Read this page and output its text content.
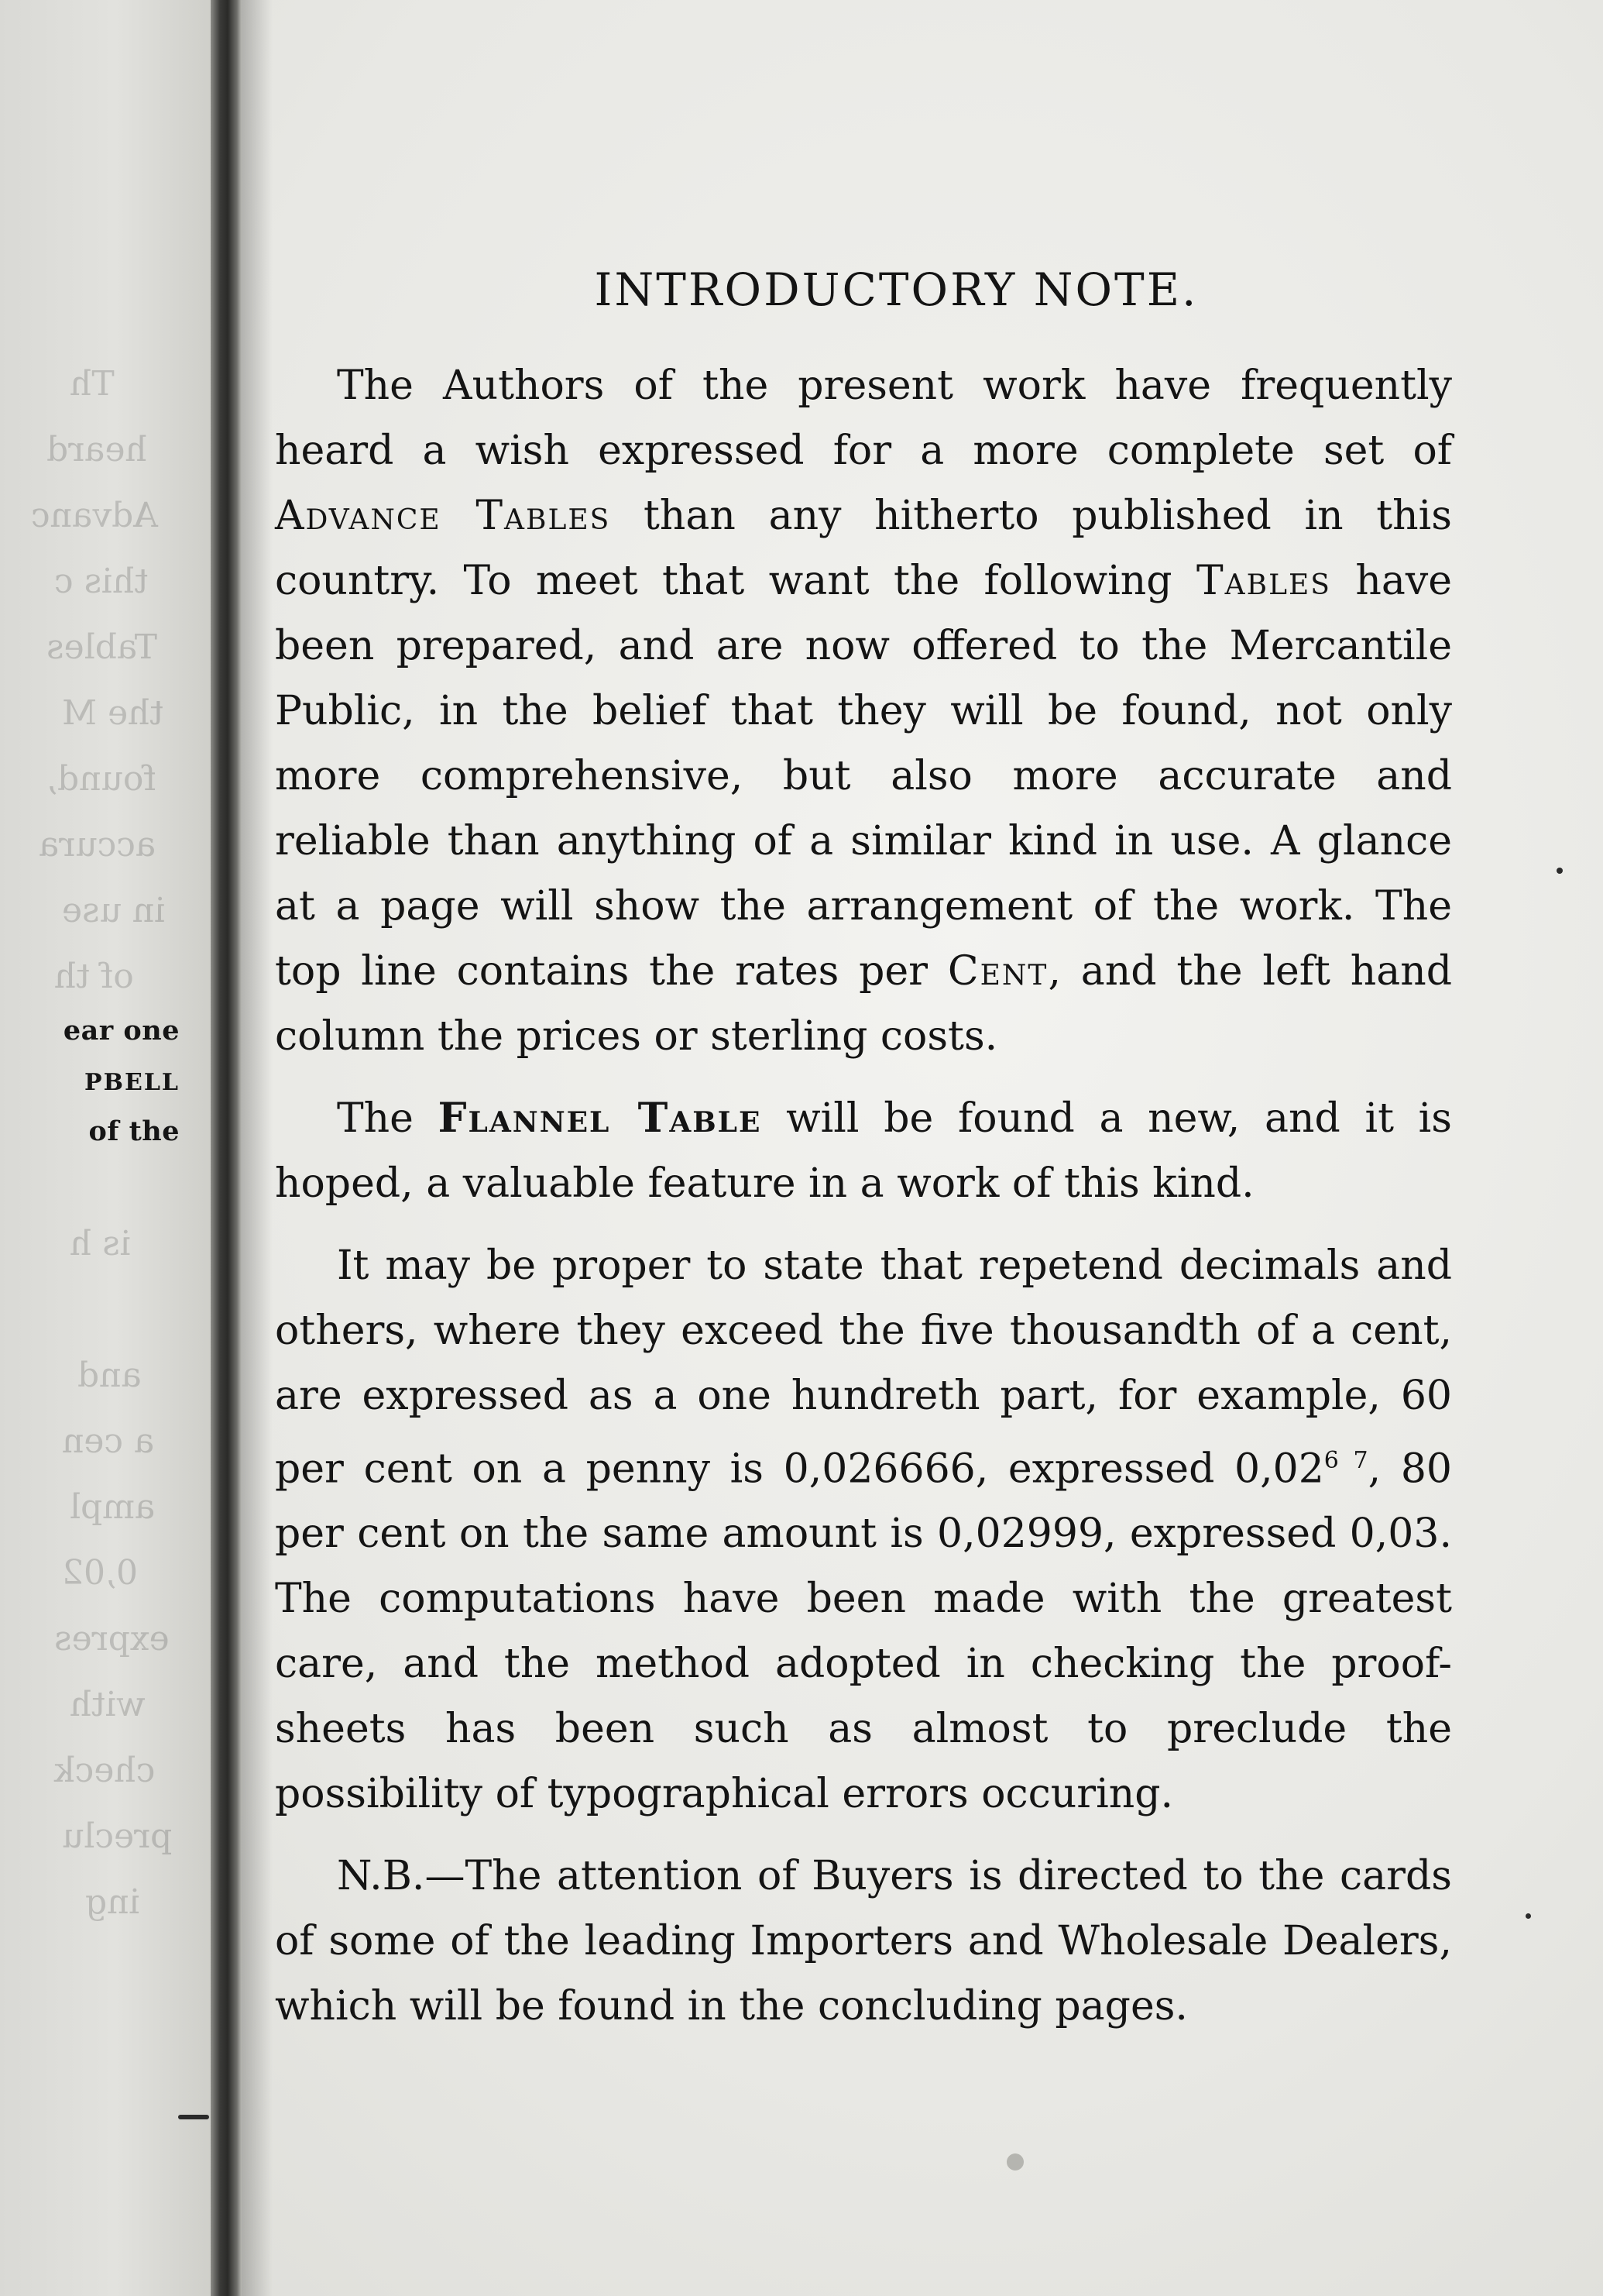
Th
heard
Advanc
this c
Tables
the M
found,
accura
in use
of th
ear one
PBELL
of the
is h
and
a cen
ampl
0,02
expres
with
check
preclu
ing
INTRODUCTORY NOTE.

The Authors of the present work have frequently heard a wish expressed for a more complete set of Advance Tables than any hitherto published in this country. To meet that want the following Tables have been prepared, and are now offered to the Mercantile Public, in the belief that they will be found, not only more comprehensive, but also more accurate and reliable than anything of a similar kind in use. A glance at a page will show the arrangement of the work. The top line contains the rates per Cent, and the left hand column the prices or sterling costs.

The Flannel Table will be found a new, and it is hoped, a valuable feature in a work of this kind.

It may be proper to state that repetend decimals and others, where they exceed the five thousandth of a cent, are expressed as a one hundreth part, for example, 60 per cent on a penny is 0,026666, expressed $0,02^{6 7}$, 80 per cent on the same amount is 0,02999, expressed 0,03. The computations have been made with the greatest care, and the method adopted in checking the proof-sheets has been such as almost to preclude the possibility of typographical errors occuring.

N.B.—The attention of Buyers is directed to the cards of some of the leading Importers and Wholesale Dealers, which will be found in the concluding pages.
